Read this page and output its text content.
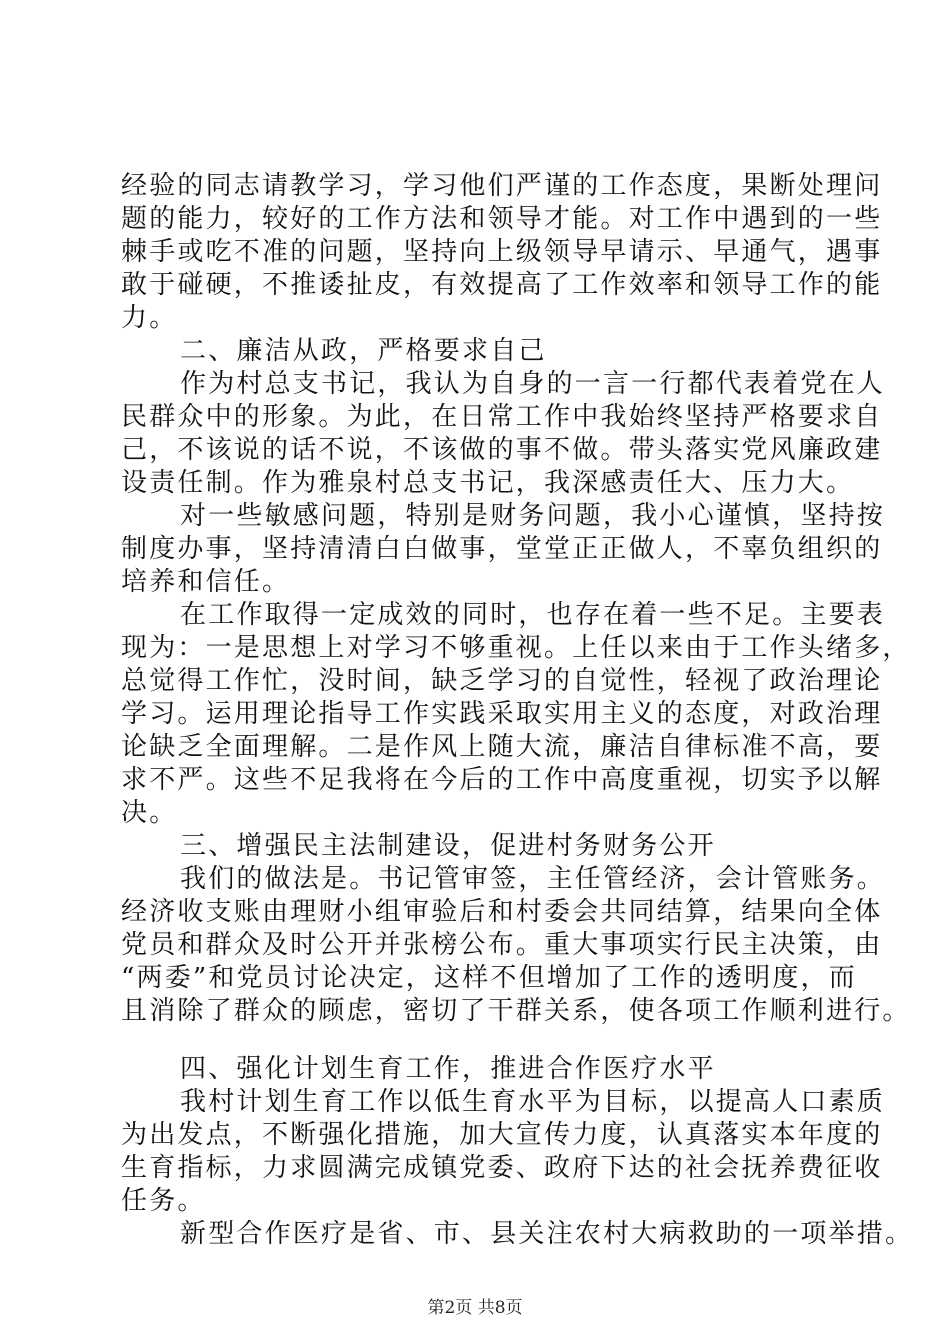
经验的同志请教学习，学习他们严谨的工作态度，果断处理问
题的能力，较好的工作方法和领导才能。对工作中遇到的一些
棘手或吃不准的问题，坚持向上级领导早请示、早通气，遇事
敢于碰硬，不推诿扯皮，有效提高了工作效率和领导工作的能
力。
二、廉洁从政，严格要求自己
作为村总支书记，我认为自身的一言一行都代表着党在人
民群众中的形象。为此，在日常工作中我始终坚持严格要求自
己，不该说的话不说，不该做的事不做。带头落实党风廉政建
设责任制。作为雅泉村总支书记，我深感责任大、压力大。
对一些敏感问题，特别是财务问题，我小心谨慎，坚持按
制度办事，坚持清清白白做事，堂堂正正做人，不辜负组织的
培养和信任。
在工作取得一定成效的同时，也存在着一些不足。主要表
现为：一是思想上对学习不够重视。上任以来由于工作头绪多，
总觉得工作忙，没时间，缺乏学习的自觉性，轻视了政治理论
学习。运用理论指导工作实践采取实用主义的态度，对政治理
论缺乏全面理解。二是作风上随大流，廉洁自律标准不高，要
求不严。这些不足我将在今后的工作中高度重视，切实予以解
决。
三、增强民主法制建设，促进村务财务公开
我们的做法是。书记管审签，主任管经济，会计管账务。
经济收支账由理财小组审验后和村委会共同结算，结果向全体
党员和群众及时公开并张榜公布。重大事项实行民主决策，由
“两委”和党员讨论决定，这样不但增加了工作的透明度，而
且消除了群众的顾虑，密切了干群关系，使各项工作顺利进行。
四、强化计划生育工作，推进合作医疗水平
我村计划生育工作以低生育水平为目标，以提高人口素质
为出发点，不断强化措施，加大宣传力度，认真落实本年度的
生育指标，力求圆满完成镇党委、政府下达的社会抚养费征收
任务。
新型合作医疗是省、市、县关注农村大病救助的一项举措。
第2页 共8页
